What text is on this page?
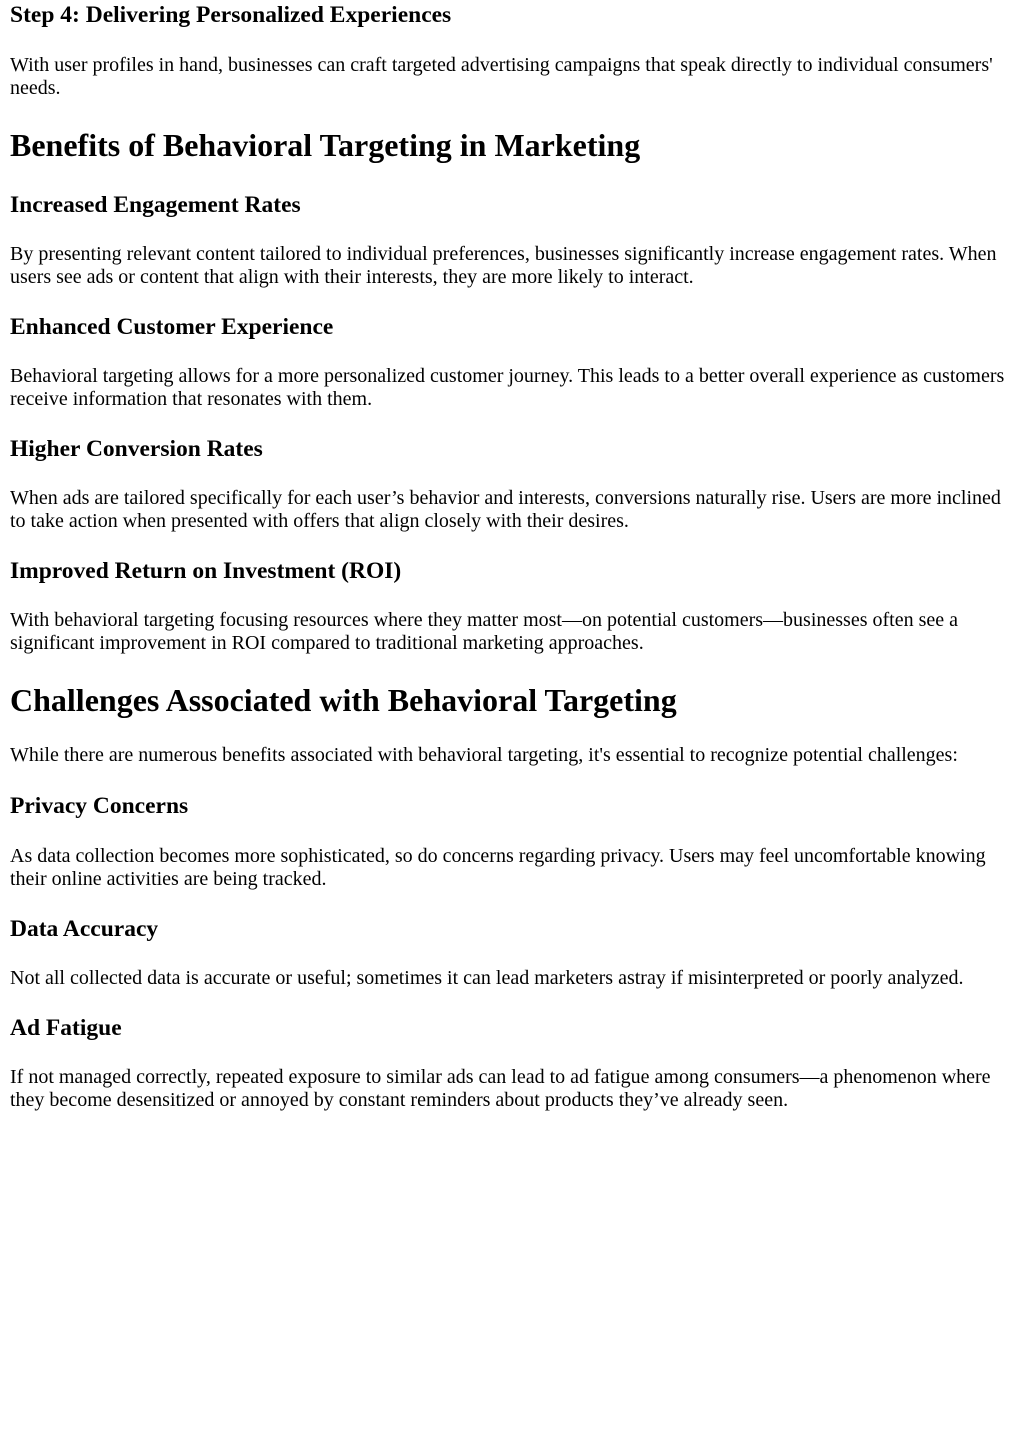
Step 4: Delivering Personalized Experiences

With user profiles in hand, businesses can craft targeted advertising campaigns that speak directly to individual consumers' needs.

Benefits of Behavioral Targeting in Marketing
Increased Engagement Rates

By presenting relevant content tailored to individual preferences, businesses significantly increase engagement rates. When users see ads or content that align with their interests, they are more likely to interact.

Enhanced Customer Experience

Behavioral targeting allows for a more personalized customer journey. This leads to a better overall experience as customers receive information that resonates with them.

Higher Conversion Rates

When ads are tailored specifically for each user’s behavior and interests, conversions naturally rise. Users are more inclined to take action when presented with offers that align closely with their desires.

Improved Return on Investment (ROI)

With behavioral targeting focusing resources where they matter most—on potential customers—businesses often see a significant improvement in ROI compared to traditional marketing approaches.

Challenges Associated with Behavioral Targeting

While there are numerous benefits associated with behavioral targeting, it's essential to recognize potential challenges:

Privacy Concerns

As data collection becomes more sophisticated, so do concerns regarding privacy. Users may feel uncomfortable knowing their online activities are being tracked.

Data Accuracy

Not all collected data is accurate or useful; sometimes it can lead marketers astray if misinterpreted or poorly analyzed.

Ad Fatigue

If not managed correctly, repeated exposure to similar ads can lead to ad fatigue among consumers—a phenomenon where they become desensitized or annoyed by constant reminders about products they’ve already seen.
